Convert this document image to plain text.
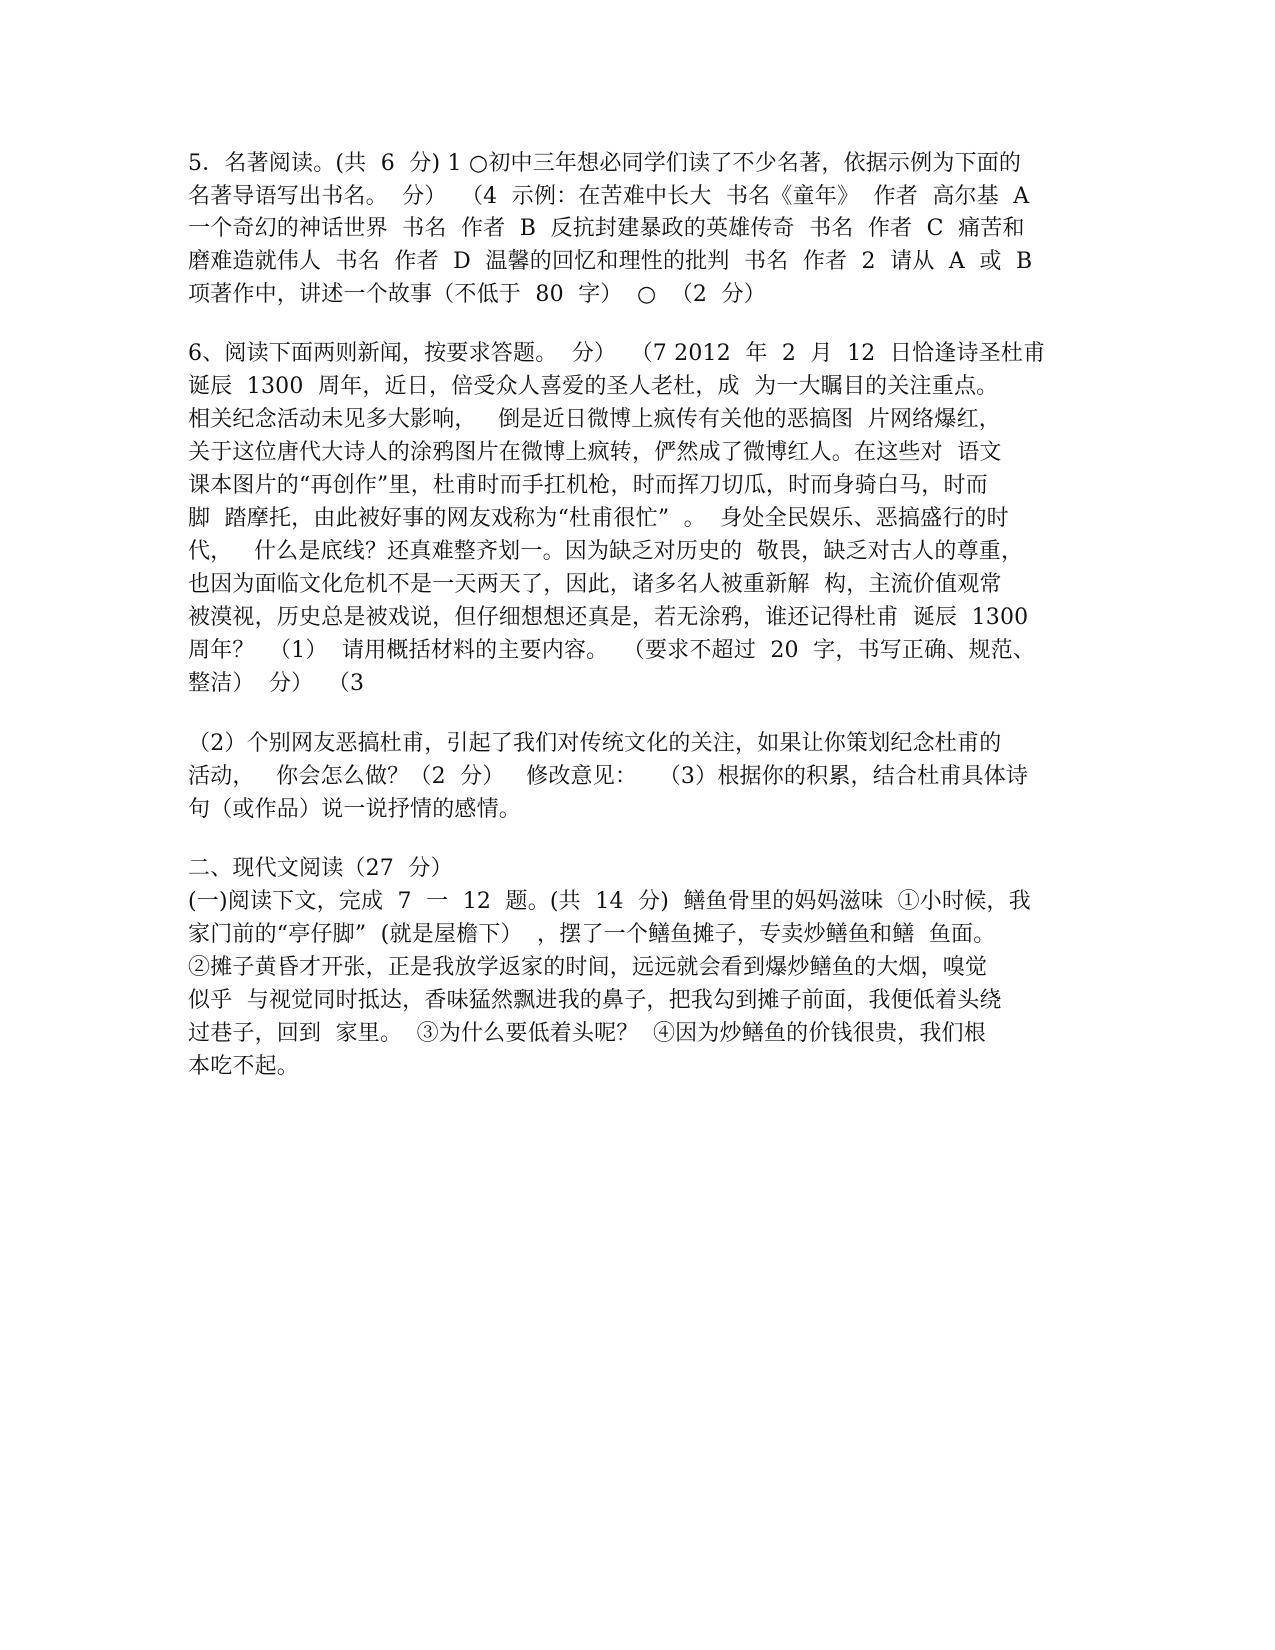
5．名著阅读。(共  6  分) 1 ○初中三年想必同学们读了不少名著，依据示例为下面的
名著导语写出书名。  分）  （4  示例：在苦难中长大  书名《童年》  作者  高尔基  A
一个奇幻的神话世界  书名  作者  B  反抗封建暴政的英雄传奇  书名  作者  C  痛苦和
磨难造就伟人  书名  作者  D  温馨的回忆和理性的批判  书名  作者  2  请从  A  或  B
项著作中，讲述一个故事（不低于  80  字）  ○  （2  分）
6、阅读下面两则新闻，按要求答题。  分）  （7 2012  年  2  月  12  日恰逢诗圣杜甫
诞辰  1300  周年，近日，倍受众人喜爱的圣人老杜，成  为一大瞩目的关注重点。
相关纪念活动未见多大影响，   倒是近日微博上疯传有关他的恶搞图  片网络爆红，
关于这位唐代大诗人的涂鸦图片在微博上疯转，俨然成了微博红人。在这些对  语文
课本图片的“再创作”里，杜甫时而手扛机枪，时而挥刀切瓜，时而身骑白马，时而
脚  踏摩托，由此被好事的网友戏称为“杜甫很忙”  。  身处全民娱乐、恶搞盛行的时
代，   什么是底线？还真难整齐划一。因为缺乏对历史的  敬畏，缺乏对古人的尊重，
也因为面临文化危机不是一天两天了，因此，诸多名人被重新解  构，主流价值观常
被漠视，历史总是被戏说，但仔细想想还真是，若无涂鸦，谁还记得杜甫  诞辰  1300
周年？  （1）  请用概括材料的主要内容。  （要求不超过  20  字，书写正确、规范、
整洁）  分）  （3
（2）个别网友恶搞杜甫，引起了我们对传统文化的关注，如果让你策划纪念杜甫的
活动，   你会怎么做？（2  分）   修改意见：   （3）根据你的积累，结合杜甫具体诗
句（或作品）说一说抒情的感情。
二、现代文阅读（27  分）
(一)阅读下文，完成  7  一  12  题。(共  14  分)  鳝鱼骨里的妈妈滋味  ①小时候，我
家门前的“亭仔脚”  (就是屋檐下）  ，摆了一个鳝鱼摊子，专卖炒鳝鱼和鳝  鱼面。
②摊子黄昏才开张，正是我放学返家的时间，远远就会看到爆炒鳝鱼的大烟，嗅觉
似乎  与视觉同时抵达，香味猛然飘进我的鼻子，把我勾到摊子前面，我便低着头绕
过巷子，回到  家里。  ③为什么要低着头呢？  ④因为炒鳝鱼的价钱很贵，我们根
本吃不起。
